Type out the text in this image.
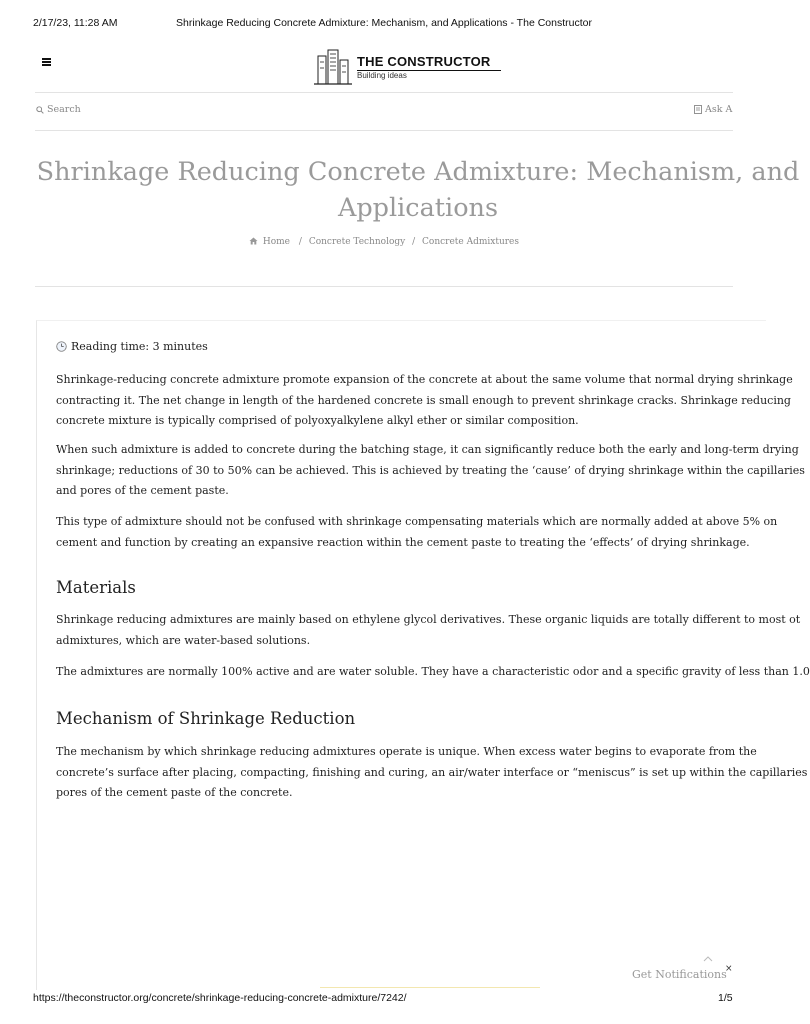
2/17/23, 11:28 AM	Shrinkage Reducing Concrete Admixture: Mechanism, and Applications - The Constructor
THE CONSTRUCTOR
Building ideas
Search	Ask A
Shrinkage Reducing Concrete Admixture: Mechanism, and
Applications
Home / Concrete Technology / Concrete Admixtures
Reading time: 3 minutes
Shrinkage-reducing concrete admixture promote expansion of the concrete at about the same volume that normal drying shrinkage
contracting it. The net change in length of the hardened concrete is small enough to prevent shrinkage cracks. Shrinkage reducing
concrete mixture is typically comprised of polyoxyalkylene alkyl ether or similar composition.
When such admixture is added to concrete during the batching stage, it can significantly reduce both the early and long-term drying
shrinkage; reductions of 30 to 50% can be achieved. This is achieved by treating the ‘cause’ of drying shrinkage within the capillaries
and pores of the cement paste.
This type of admixture should not be confused with shrinkage compensating materials which are normally added at above 5% on
cement and function by creating an expansive reaction within the cement paste to treating the ‘effects’ of drying shrinkage.
Materials
Shrinkage reducing admixtures are mainly based on ethylene glycol derivatives. These organic liquids are totally different to most ot
admixtures, which are water-based solutions.
The admixtures are normally 100% active and are water soluble. They have a characteristic odor and a specific gravity of less than 1.0
Mechanism of Shrinkage Reduction
The mechanism by which shrinkage reducing admixtures operate is unique. When excess water begins to evaporate from the
concrete’s surface after placing, compacting, finishing and curing, an air/water interface or “meniscus” is set up within the capillaries
pores of the cement paste of the concrete.
Get Notifications
×
https://theconstructor.org/concrete/shrinkage-reducing-concrete-admixture/7242/	1/5
